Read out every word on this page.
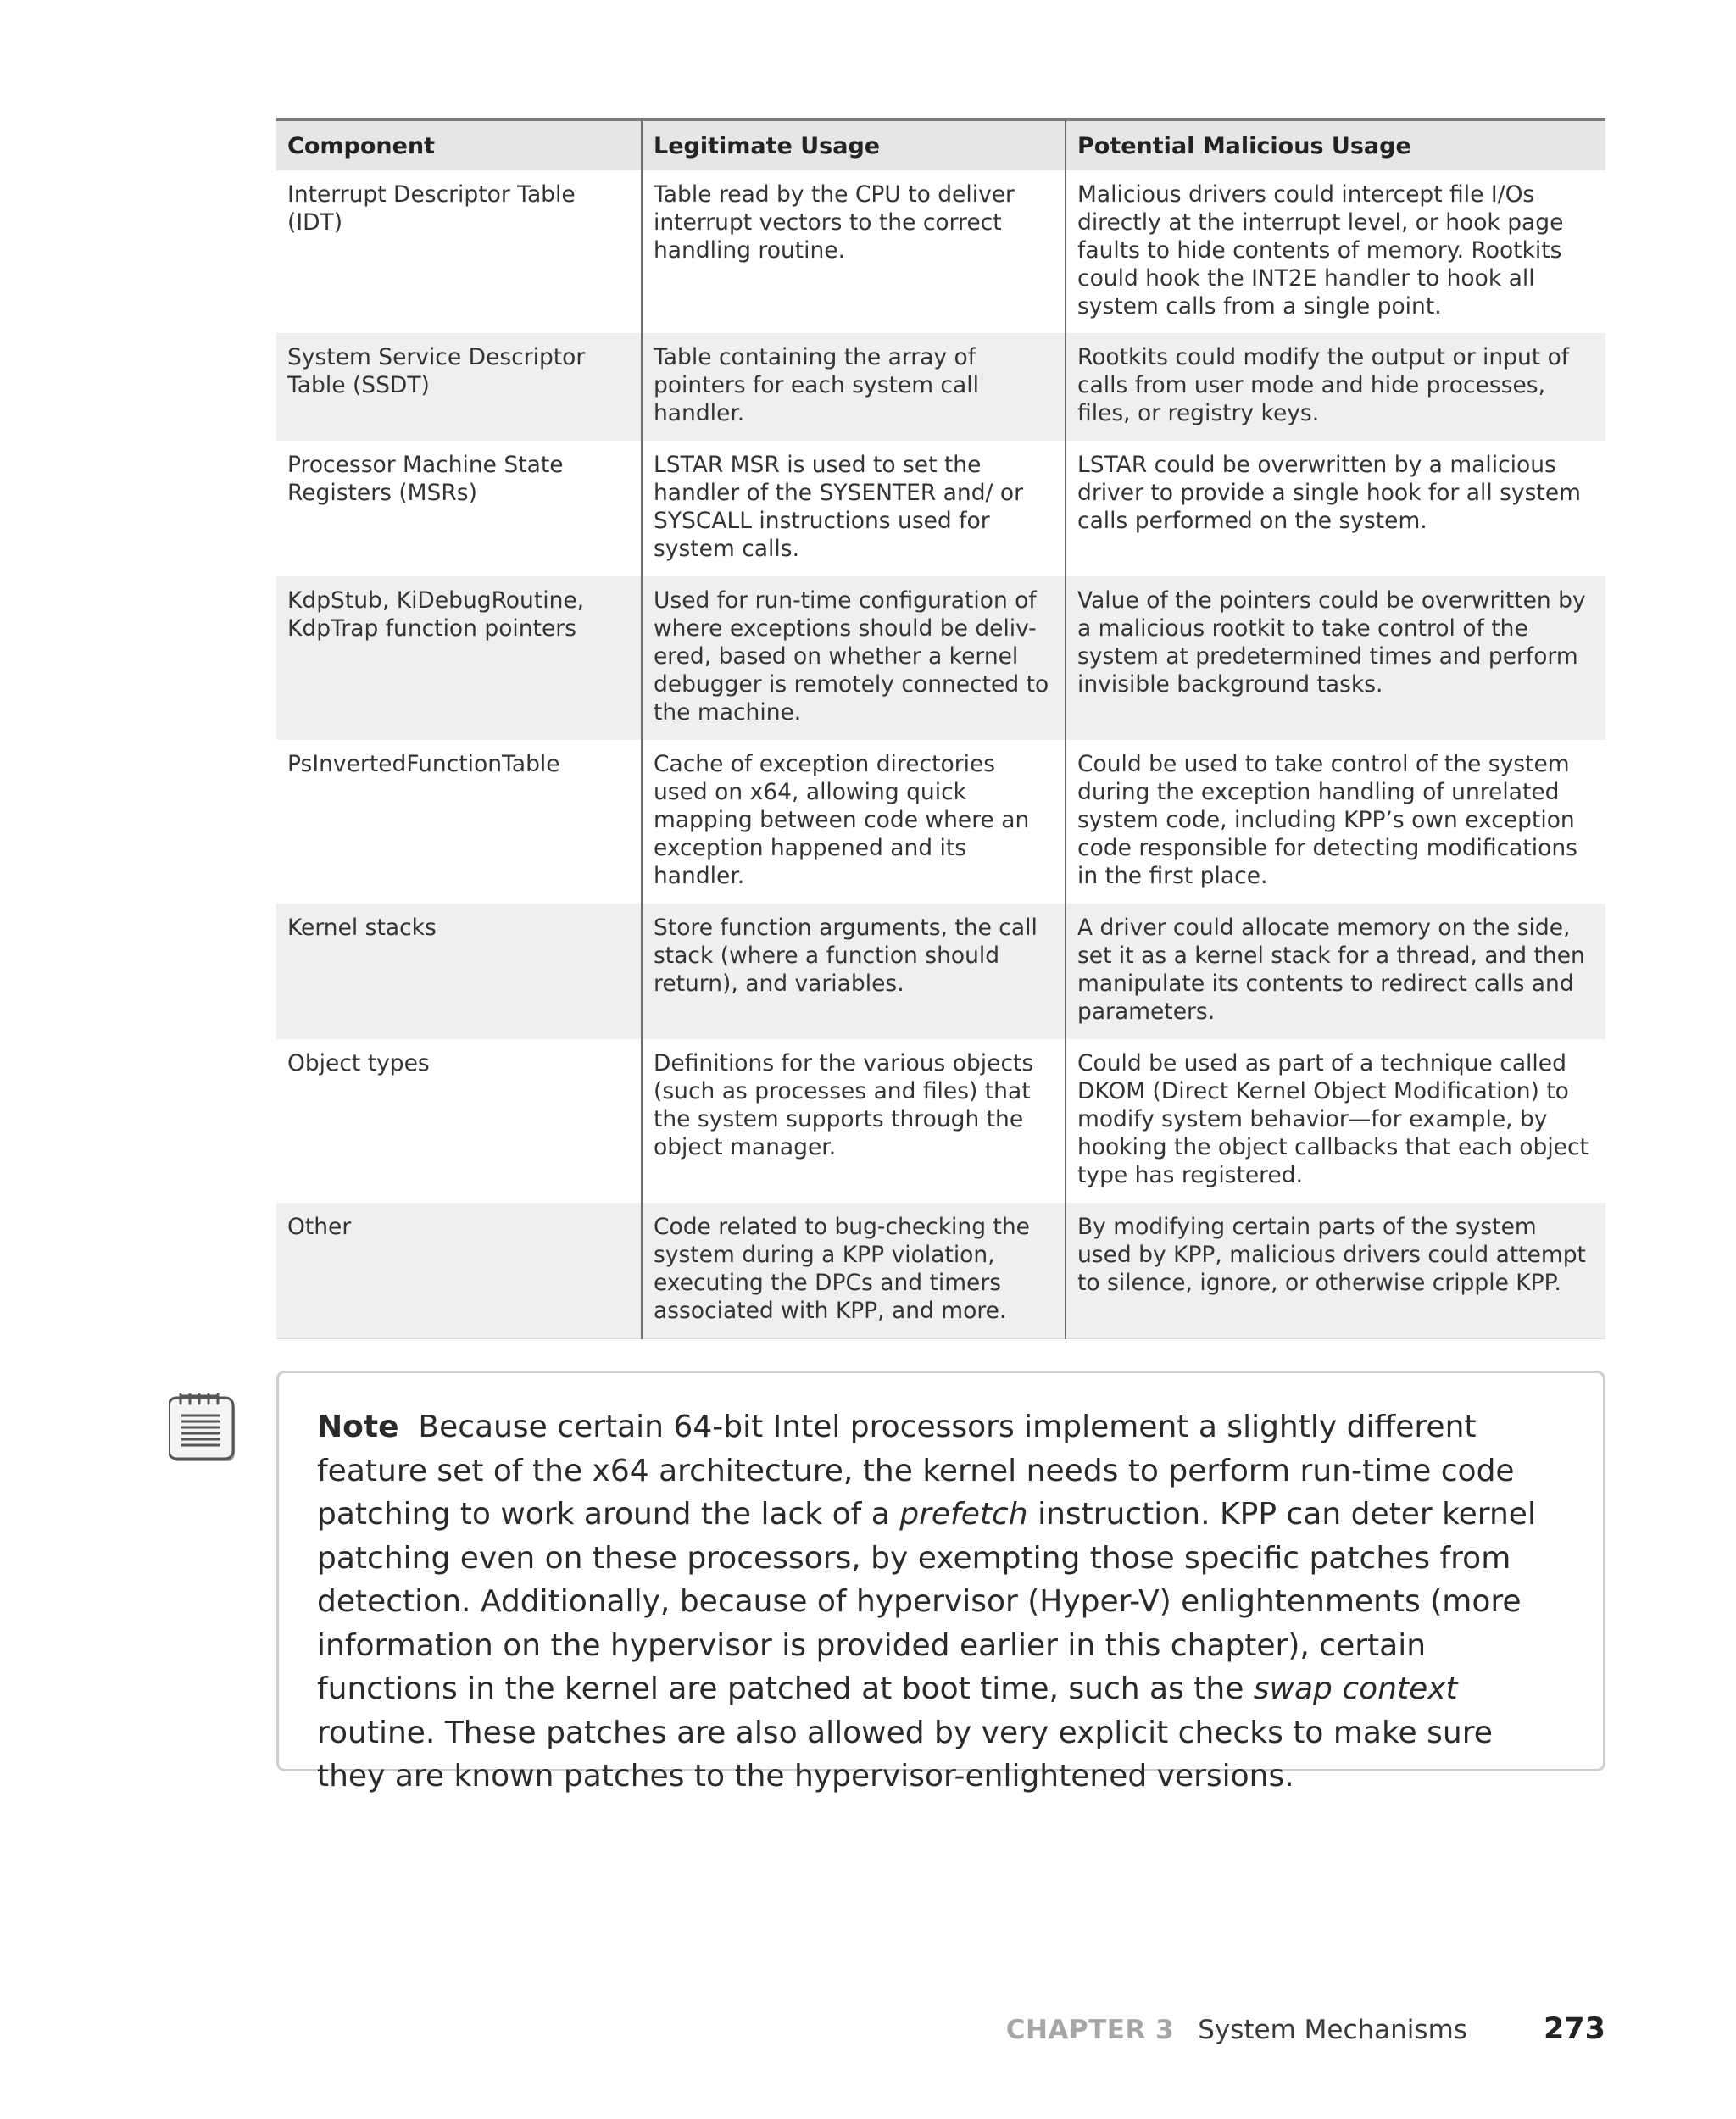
Component	Legitimate Usage	Potential Malicious Usage
Interrupt Descriptor Table (IDT)	Table read by the CPU to deliver interrupt vectors to the correct handling routine.	Malicious drivers could intercept file I/Os directly at the interrupt level, or hook page faults to hide contents of memory. Rootkits could hook the INT2E handler to hook all system calls from a single point.
System Service Descriptor Table (SSDT)	Table containing the array of pointers for each system call handler.	Rootkits could modify the output or input of calls from user mode and hide processes, files, or registry keys.
Processor Machine State Registers (MSRs)	LSTAR MSR is used to set the handler of the SYSENTER and/ or SYSCALL instructions used for system calls.	LSTAR could be overwritten by a malicious driver to provide a single hook for all system calls performed on the system.
KdpStub, KiDebugRoutine, KdpTrap function pointers	Used for run-time configuration of where exceptions should be deliv-ered, based on whether a kernel debugger is remotely connected to the machine.	Value of the pointers could be overwritten by a malicious rootkit to take control of the system at predetermined times and perform invisible background tasks.
PsInvertedFunctionTable	Cache of exception directories used on x64, allowing quick mapping between code where an exception happened and its handler.	Could be used to take control of the system during the exception handling of unrelated system code, including KPP’s own exception code responsible for detecting modifications in the first place.
Kernel stacks	Store function arguments, the call stack (where a function should return), and variables.	A driver could allocate memory on the side, set it as a kernel stack for a thread, and then manipulate its contents to redirect calls and parameters.
Object types	Definitions for the various objects (such as processes and files) that the system supports through the object manager.	Could be used as part of a technique called DKOM (Direct Kernel Object Modification) to modify system behavior—for example, by hooking the object callbacks that each object type has registered.
Other	Code related to bug-checking the system during a KPP violation, executing the DPCs and timers associated with KPP, and more.	By modifying certain parts of the system used by KPP, malicious drivers could attempt to silence, ignore, or otherwise cripple KPP.
Note Because certain 64-bit Intel processors implement a slightly different feature set of the x64 architecture, the kernel needs to perform run-time code patching to work around the lack of a prefetch instruction. KPP can deter kernel patching even on these processors, by exempting those specific patches from detection. Additionally, because of hypervisor (Hyper-V) enlightenments (more information on the hypervisor is provided earlier in this chapter), certain functions in the kernel are patched at boot time, such as the swap context routine. These patches are also allowed by very explicit checks to make sure they are known patches to the hypervisor-enlightened versions.
CHAPTER 3 System Mechanisms	273
